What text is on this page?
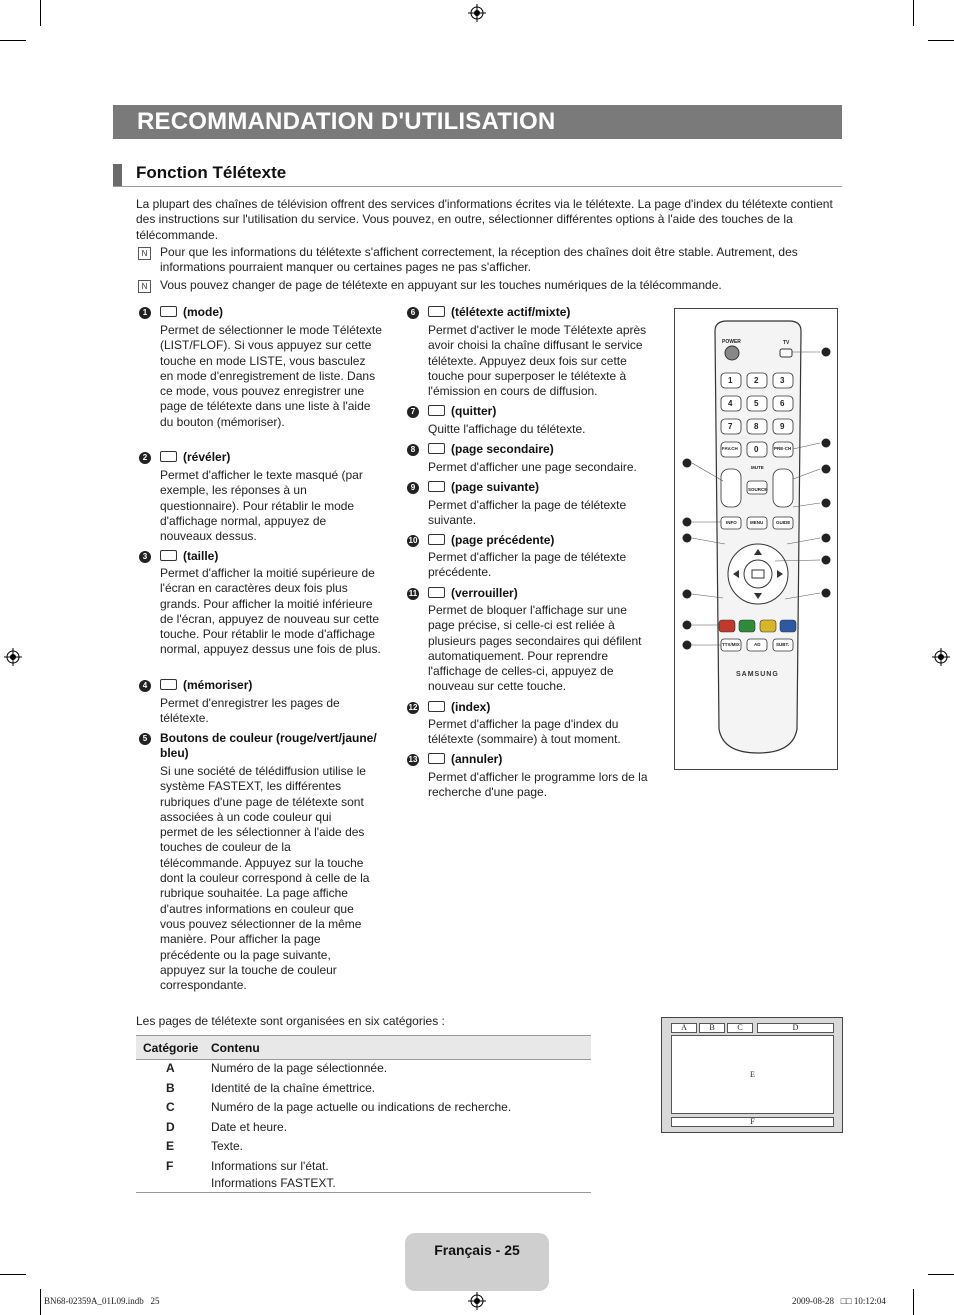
RECOMMANDATION D'UTILISATION
Fonction Télétexte
La plupart des chaînes de télévision offrent des services d'informations écrites via le télétexte. La page d'index du télétexte contient des instructions sur l'utilisation du service. Vous pouvez, en outre, sélectionner différentes options à l'aide des touches de la télécommande.
N	Pour que les informations du télétexte s'affichent correctement, la réception des chaînes doit être stable. Autrement, des informations pourraient manquer ou certaines pages ne pas s'afficher.
N	Vous pouvez changer de page de télétexte en appuyant sur les touches numériques de la télécommande.
1	(mode)
Permet de sélectionner le mode Télétexte (LIST/FLOF). Si vous appuyez sur cette touche en mode LISTE, vous basculez en mode d'enregistrement de liste. Dans ce mode, vous pouvez enregistrer une page de télétexte dans une liste à l'aide du bouton (mémoriser).
2	(révéler)
Permet d'afficher le texte masqué (par exemple, les réponses à un questionnaire). Pour rétablir le mode d'affichage normal, appuyez de nouveaux dessus.
3	(taille)
Permet d'afficher la moitié supérieure de l'écran en caractères deux fois plus grands. Pour afficher la moitié inférieure de l'écran, appuyez de nouveau sur cette touche. Pour rétablir le mode d'affichage normal, appuyez dessus une fois de plus.
4	(mémoriser)
Permet d'enregistrer les pages de télétexte.
5	Boutons de couleur (rouge/vert/jaune/ bleu)
Si une société de télédiffusion utilise le système FASTEXT, les différentes rubriques d'une page de télétexte sont associées à un code couleur qui permet de les sélectionner à l'aide des touches de couleur de la télécommande. Appuyez sur la touche dont la couleur correspond à celle de la rubrique souhaitée. La page affiche d'autres informations en couleur que vous pouvez sélectionner de la même manière. Pour afficher la page précédente ou la page suivante, appuyez sur la touche de couleur correspondante.
6	(télétexte actif/mixte)
Permet d'activer le mode Télétexte après avoir choisi la chaîne diffusant le service télétexte. Appuyez deux fois sur cette touche pour superposer le télétexte à l'émission en cours de diffusion.
7	(quitter)
Quitte l'affichage du télétexte.
8	(page secondaire)
Permet d'afficher une page secondaire.
9	(page suivante)
Permet d'afficher la page de télétexte suivante.
10	(page précédente)
Permet d'afficher la page de télétexte précédente.
11	(verrouiller)
Permet de bloquer l'affichage sur une page précise, si celle-ci est reliée à plusieurs pages secondaires qui défilent automatiquement. Pour reprendre l'affichage de celles-ci, appuyez de nouveau sur cette touche.
12	(index)
Permet d'afficher la page d'index du télétexte (sommaire) à tout moment.
13	(annuler)
Permet d'afficher le programme lors de la recherche d'une page.
POWER	TV
1	2	3
4	5	6
7	8	9
FAV.CH 0	PRE-CH
MUTE
SOURCE
INFO	MENU	GUIDE
TTX/MIX	AD	SUBT.
SAMSUNG
Les pages de télétexte sont organisées en six catégories :
Catégorie Contenu
A	Numéro de la page sélectionnée.
B	Identité de la chaîne émettrice.
C	Numéro de la page actuelle ou indications de recherche.
D	Date et heure.
E	Texte.
F	Informations sur l'état.
Informations FASTEXT.
A	B	C	D
E
F
Français - 25
BN68-02359A_01L09.indb   25	2009-08-28   □□ 10:12:04
